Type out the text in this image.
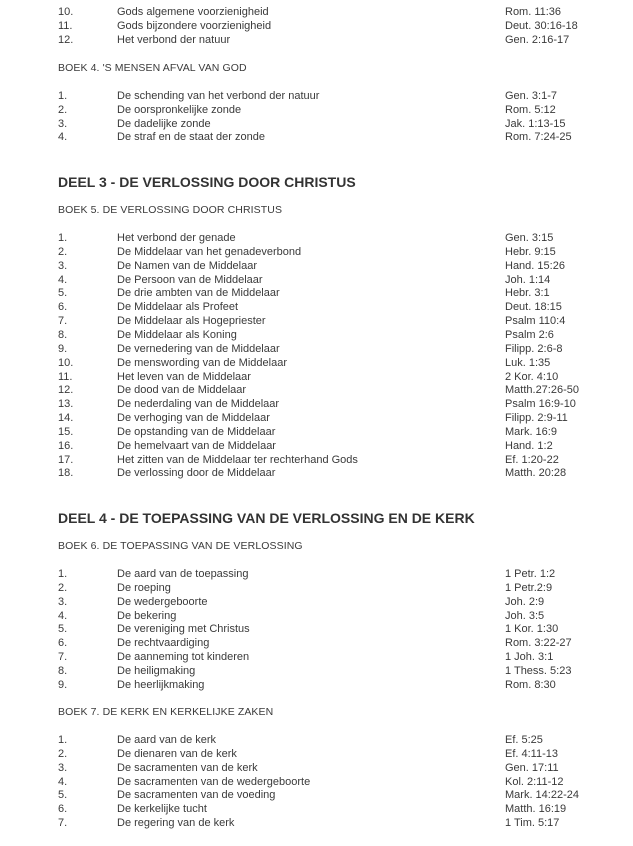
DEEL 3 - DE VERLOSSING DOOR CHRISTUS
DEEL 4 - DE TOEPASSING VAN DE VERLOSSING EN DE KERK
BOEK 4. 'S MENSEN AFVAL VAN GOD
BOEK 5. DE VERLOSSING DOOR CHRISTUS
BOEK 6. DE TOEPASSING VAN DE VERLOSSING
BOEK 7. DE KERK EN KERKELIJKE ZAKEN
10.	Gods algemene voorzienigheid	Rom. 11:36
11.	Gods bijzondere voorzienigheid	Deut. 30:16-18
12.	Het verbond der natuur	Gen. 2:16-17
1.	De schending van het verbond der natuur	Gen. 3:1-7
2.	De oorspronkelijke zonde	Rom. 5:12
3.	De dadelijke zonde	Jak. 1:13-15
4.	De straf en de staat der zonde	Rom. 7:24-25
1.	Het verbond der genade	Gen. 3:15
2.	De Middelaar van het genadeverbond	Hebr. 9:15
3.	De Namen van de Middelaar	Hand. 15:26
4.	De Persoon van de Middelaar	Joh. 1:14
5.	De drie ambten van de Middelaar	Hebr. 3:1
6.	De Middelaar als Profeet	Deut. 18:15
7.	De Middelaar als Hogepriester	Psalm 110:4
8.	De Middelaar als Koning	Psalm 2:6
9.	De vernedering van de Middelaar	Filipp. 2:6-8
10.	De menswording van de Middelaar	Luk. 1:35
11.	Het leven van de Middelaar	2 Kor. 4:10
12.	De dood van de Middelaar	Matth.27:26-50
13.	De nederdaling van de Middelaar	Psalm 16:9-10
14.	De verhoging van de Middelaar	Filipp. 2:9-11
15.	De opstanding van de Middelaar	Mark. 16:9
16.	De hemelvaart van de Middelaar	Hand. 1:2
17.	Het zitten van de Middelaar ter rechterhand Gods	Ef. 1:20-22
18.	De verlossing door de Middelaar	Matth. 20:28
1.	De aard van de toepassing	1 Petr. 1:2
2.	De roeping	1 Petr.2:9
3.	De wedergeboorte	Joh. 2:9
4.	De bekering	Joh. 3:5
5.	De vereniging met Christus	1 Kor. 1:30
6.	De rechtvaardiging	Rom. 3:22-27
7.	De aanneming tot kinderen	1 Joh. 3:1
8.	De heiligmaking	1 Thess. 5:23
9.	De heerlijkmaking	Rom. 8:30
1.	De aard van de kerk	Ef. 5:25
2.	De dienaren van de kerk	Ef. 4:11-13
3.	De sacramenten van de kerk	Gen. 17:11
4.	De sacramenten van de wedergeboorte	Kol. 2:11-12
5.	De sacramenten van de voeding	Mark. 14:22-24
6.	De kerkelijke tucht	Matth. 16:19
7.	De regering van de kerk	1 Tim. 5:17
